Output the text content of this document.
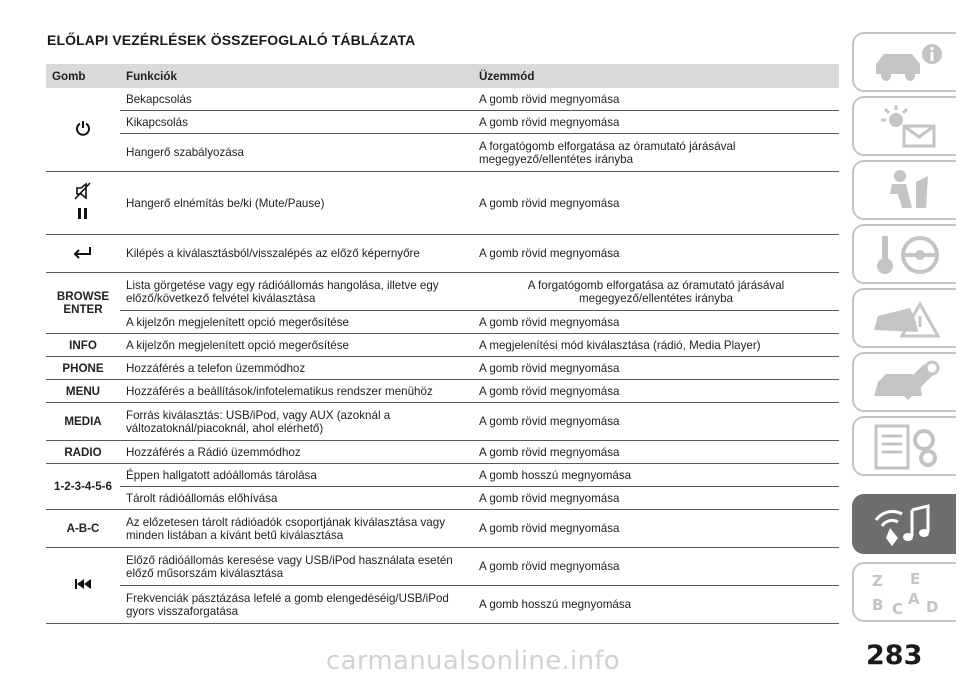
ELŐLAPI VEZÉRLÉSEK ÖSSZEFOGLALÓ TÁBLÁZATA
Gomb	Funkciók	Üzemmód
	Bekapcsolás	A gomb rövid megnyomása
	Kikapcsolás	A gomb rövid megnyomása
	Hangerő szabályozása	A forgatógomb elforgatása az óramutató járásával megegyező/ellentétes irányba
	Hangerő elnémítás be/ki (Mute/Pause)	A gomb rövid megnyomása
	Kilépés a kiválasztásból/visszalépés az előző képernyőre	A gomb rövid megnyomása
BROWSE ENTER	Lista görgetése vagy egy rádióállomás hangolása, illetve egy előző/következő felvétel kiválasztása	A forgatógomb elforgatása az óramutató járásával megegyező/ellentétes irányba
	A kijelzőn megjelenített opció megerősítése	A gomb rövid megnyomása
INFO	A kijelzőn megjelenített opció megerősítése	A megjelenítési mód kiválasztása (rádió, Media Player)
PHONE	Hozzáférés a telefon üzemmódhoz	A gomb rövid megnyomása
MENU	Hozzáférés a beállítások/infotelematikus rendszer menühöz	A gomb rövid megnyomása
MEDIA	Forrás kiválasztás: USB/iPod, vagy AUX (azoknál a változatoknál/piacoknál, ahol elérhető)	A gomb rövid megnyomása
RADIO	Hozzáférés a Rádió üzemmódhoz	A gomb rövid megnyomása
1-2-3-4-5-6	Éppen hallgatott adóállomás tárolása	A gomb hosszú megnyomása
	Tárolt rádióállomás előhívása	A gomb rövid megnyomása
A-B-C	Az előzetesen tárolt rádióadók csoportjának kiválasztása vagy minden listában a kívánt betű kiválasztása	A gomb rövid megnyomása
	Előző rádióállomás keresése vagy USB/iPod használata esetén előző műsorszám kiválasztása	A gomb rövid megnyomása
	Frekvenciák pásztázása lefelé a gomb elengedéséig/USB/iPod gyors visszaforgatása	A gomb hosszú megnyomása
Z E
B C
A D
283
carmanualsonline.info
